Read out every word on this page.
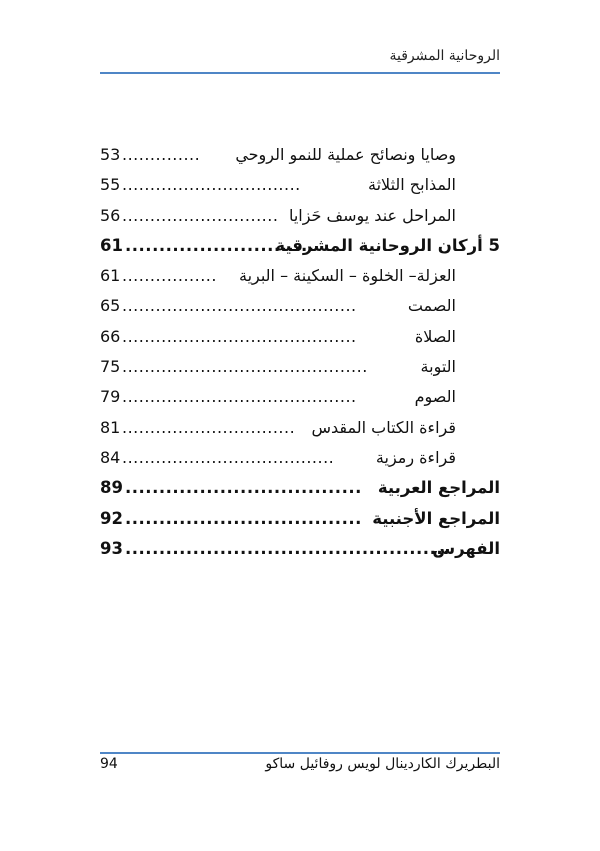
الروحانية المشرقية
وصايا ونصائح عملية للنمو الروحي
..............
53
المذابح الثلاثة
................................
55
المراحل عند يوسف حَزايا
............................
56
5 أركان الروحانية المشرقية
............................
61
العزلة– الخلوة – السكينة – البرية
.................
61
الصمت
..........................................
65
الصلاة
..........................................
66
التوبة
............................................
75
الصوم
..........................................
79
قراءة الكتاب المقدس
...............................
81
قراءة رمزية
......................................
84
المراجع العربية
...................................
89
المراجع الأجنبية
...................................
92
الفهرس
................................................
93
البطريرك الكاردينال لويس روفائيل ساكو
94
